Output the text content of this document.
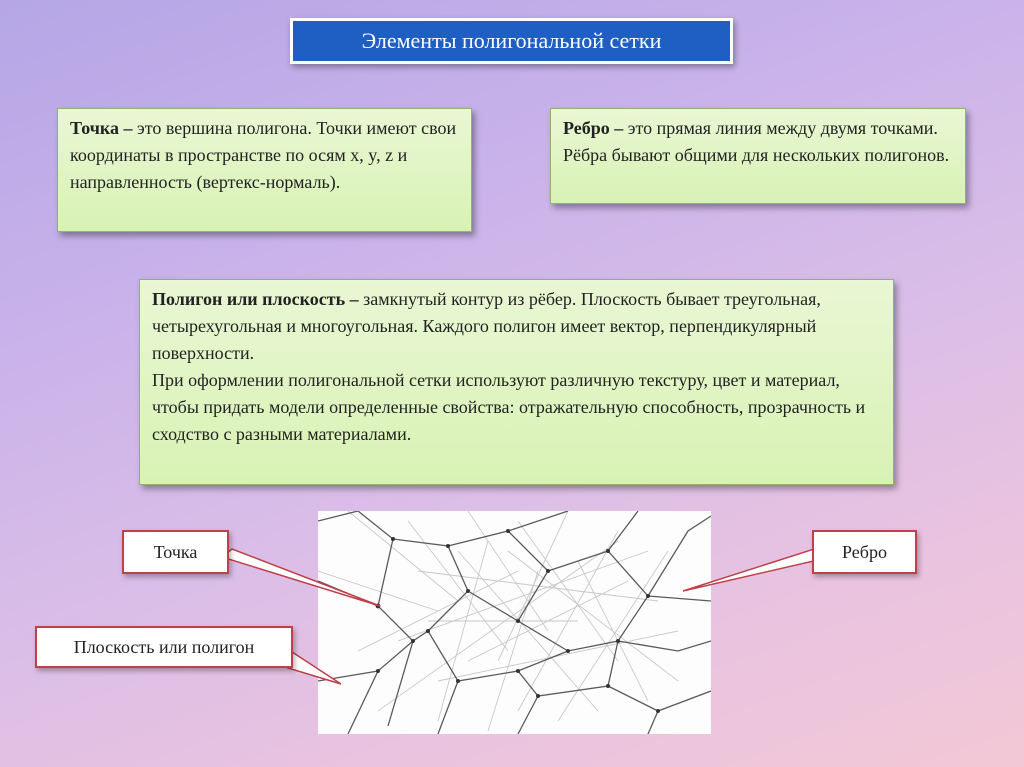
Элементы полигональной сетки
Точка – это вершина полигона. Точки имеют свои координаты в пространстве по осям x, y, z и направленность (вертекс-нормаль).
Ребро – это прямая линия между двумя точками. Рёбра бывают общими для нескольких полигонов.
Полигон или плоскость – замкнутый контур из рёбер. Плоскость бывает треугольная, четырехугольная и многоугольная. Каждого полигон имеет вектор, перпендикулярный поверхности.
При оформлении полигональной сетки используют различную текстуру, цвет и материал, чтобы придать модели определенные свойства: отражательную способность, прозрачность и сходство с разными материалами.
Точка	Ребро
Плоскость или полигон
